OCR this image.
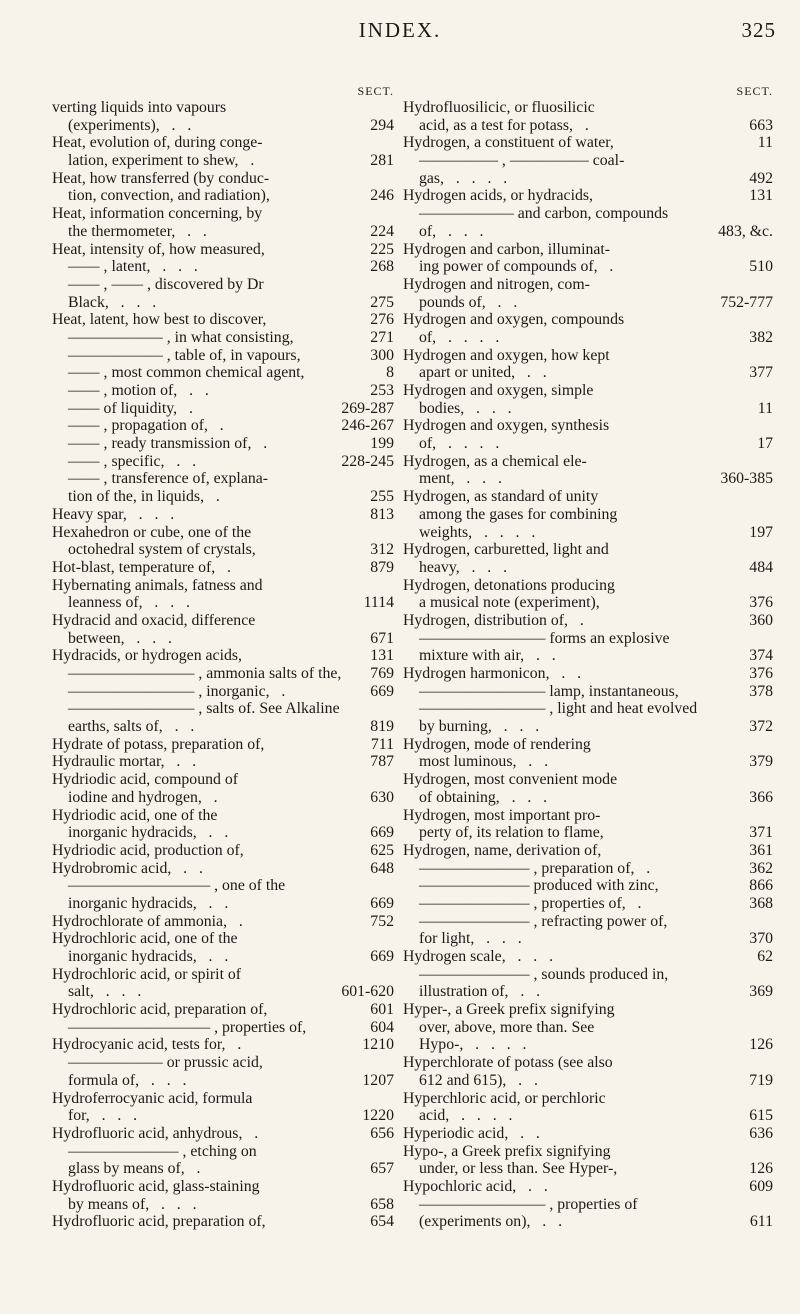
INDEX.	325
SECT.
verting liquids into vapours
(experiments),   .   .	294
Heat, evolution of, during conge-
lation, experiment to shew,   .	281
Heat, how transferred (by conduc-
tion, convection, and radiation),	246
Heat, information concerning, by
the thermometer,   .   .	224
Heat, intensity of, how measured,	225
—— , latent,   .   .   .	268
—— , —— , discovered by Dr
Black,   .   .   .	275
Heat, latent, how best to discover,	276
—————— , in what consisting,	271
—————— , table of, in vapours,	300
—— , most common chemical agent,	8
—— , motion of,   .   .	253
—— of liquidity,   .	269-287
—— , propagation of,   .	246-267
—— , ready transmission of,   .	199
—— , specific,   .   .	228-245
—— , transference of, explana-
tion of the, in liquids,   .	255
Heavy spar,   .   .   .	813
Hexahedron or cube, one of the
octohedral system of crystals,	312
Hot-blast, temperature of,   .	879
Hybernating animals, fatness and
leanness of,   .   .   .	1114
Hydracid and oxacid, difference
between,   .   .   .	671
Hydracids, or hydrogen acids,	131
———————— , ammonia salts of the,	769
———————— , inorganic,   .	669
———————— , salts of. See Alkaline
earths, salts of,   .   .	819
Hydrate of potass, preparation of,	711
Hydraulic mortar,   .   .	787
Hydriodic acid, compound of
iodine and hydrogen,   .	630
Hydriodic acid, one of the
inorganic hydracids,   .   .	669
Hydriodic acid, production of,	625
Hydrobromic acid,   .   .	648
————————— , one of the
inorganic hydracids,   .   .	669
Hydrochlorate of ammonia,   .	752
Hydrochloric acid, one of the
inorganic hydracids,   .   .	669
Hydrochloric acid, or spirit of
salt,   .   .   .	601-620
Hydrochloric acid, preparation of,	601
————————— , properties of,	604
Hydrocyanic acid, tests for,   .	1210
—————— or prussic acid,
formula of,   .   .   .	1207
Hydroferrocyanic acid, formula
for,   .   .   .	1220
Hydrofluoric acid, anhydrous,   .	656
——————— , etching on
glass by means of,   .	657
Hydrofluoric acid, glass-staining
by means of,   .   .   .	658
Hydrofluoric acid, preparation of,	654
SECT.
Hydrofluosilicic, or fluosilicic
acid, as a test for potass,   .	663
Hydrogen, a constituent of water,	11
————— , ————— coal-
gas,   .   .   .   .	492
Hydrogen acids, or hydracids,	131
—————— and carbon, compounds
of,   .   .   .	483, &c.
Hydrogen and carbon, illuminat-
ing power of compounds of,   .	510
Hydrogen and nitrogen, com-
pounds of,   .   .	752-777
Hydrogen and oxygen, compounds
of,   .   .   .   .	382
Hydrogen and oxygen, how kept
apart or united,   .   .	377
Hydrogen and oxygen, simple
bodies,   .   .   .	11
Hydrogen and oxygen, synthesis
of,   .   .   .   .	17
Hydrogen, as a chemical ele-
ment,   .   .   .	360-385
Hydrogen, as standard of unity
among the gases for combining
weights,   .   .   .   .	197
Hydrogen, carburetted, light and
heavy,   .   .   .	484
Hydrogen, detonations producing
a musical note (experiment),	376
Hydrogen, distribution of,   .	360
———————— forms an explosive
mixture with air,   .   .	374
Hydrogen harmonicon,   .   .	376
———————— lamp, instantaneous,	378
———————— , light and heat evolved
by burning,   .   .   .	372
Hydrogen, mode of rendering
most luminous,   .   .	379
Hydrogen, most convenient mode
of obtaining,   .   .   .	366
Hydrogen, most important pro-
perty of, its relation to flame,	371
Hydrogen, name, derivation of,	361
——————— , preparation of,   .	362
——————— produced with zinc,	866
——————— , properties of,   .	368
——————— , refracting power of,
for light,   .   .   .	370
Hydrogen scale,   .   .   .	62
——————— , sounds produced in,
illustration of,   .   .	369
Hyper-, a Greek prefix signifying
over, above, more than. See
Hypo-,   .   .   .   .	126
Hyperchlorate of potass (see also
612 and 615),   .   .	719
Hyperchloric acid, or perchloric
acid,   .   .   .   .	615
Hyperiodic acid,   .   .	636
Hypo-, a Greek prefix signifying
under, or less than. See Hyper-,	126
Hypochloric acid,   .   .	609
———————— , properties of
(experiments on),   .   .	611
